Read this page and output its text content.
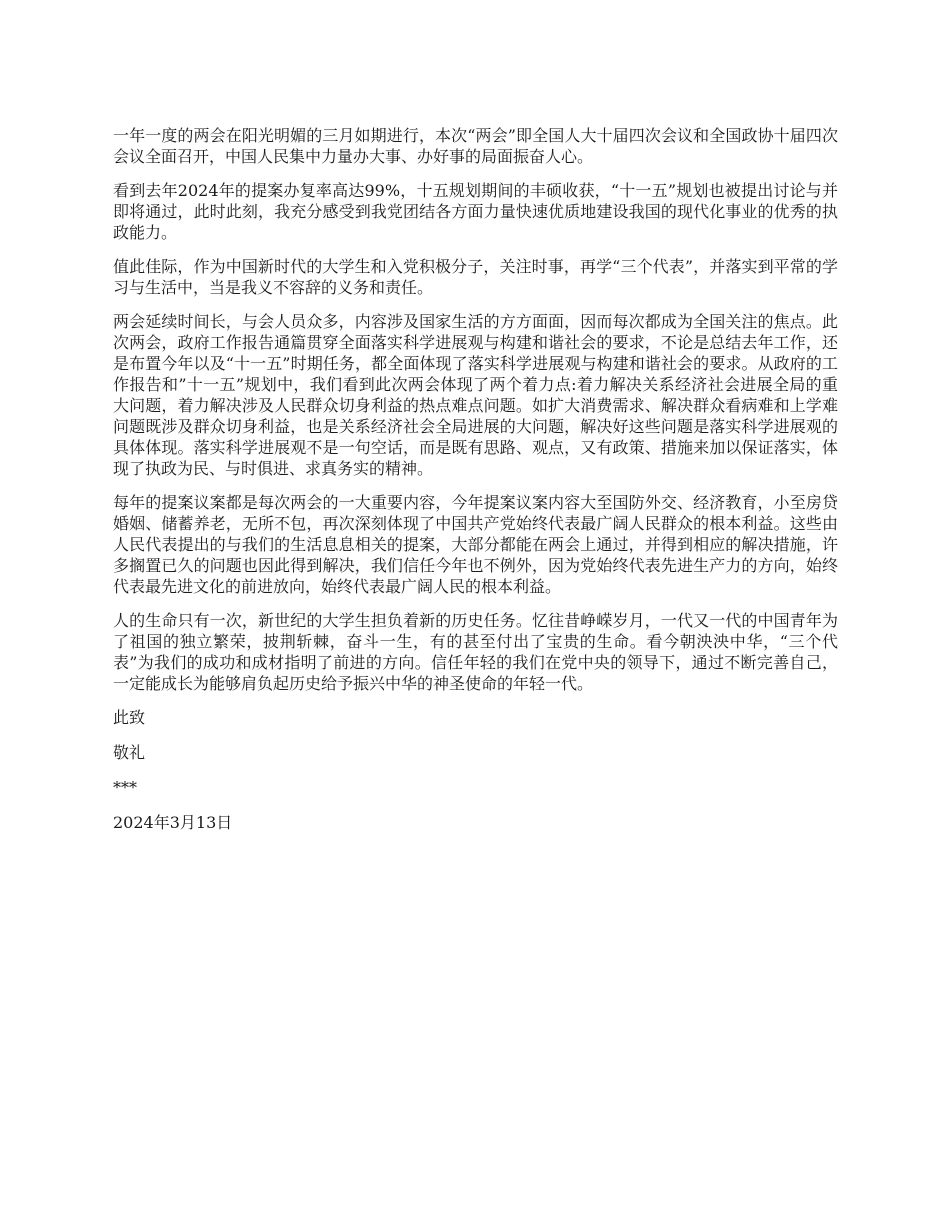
一年一度的两会在阳光明媚的三月如期进行，本次“两会”即全国人大十届四次会议和全国政协十届四次会议全面召开，中国人民集中力量办大事、办好事的局面振奋人心。

看到去年2024年的提案办复率高达99%，十五规划期间的丰硕收获，“十一五”规划也被提出讨论与并即将通过，此时此刻，我充分感受到我党团结各方面力量快速优质地建设我国的现代化事业的优秀的执政能力。

值此佳际，作为中国新时代的大学生和入党积极分子，关注时事，再学“三个代表”，并落实到平常的学习与生活中，当是我义不容辞的义务和责任。

两会延续时间长，与会人员众多，内容涉及国家生活的方方面面，因而每次都成为全国关注的焦点。此次两会，政府工作报告通篇贯穿全面落实科学进展观与构建和谐社会的要求，不论是总结去年工作，还是布置今年以及“十一五”时期任务，都全面体现了落实科学进展观与构建和谐社会的要求。从政府的工作报告和”十一五”规划中，我们看到此次两会体现了两个着力点:着力解决关系经济社会进展全局的重大问题，着力解决涉及人民群众切身利益的热点难点问题。如扩大消费需求、解决群众看病难和上学难问题既涉及群众切身利益，也是关系经济社会全局进展的大问题，解决好这些问题是落实科学进展观的具体体现。落实科学进展观不是一句空话，而是既有思路、观点，又有政策、措施来加以保证落实，体现了执政为民、与时俱进、求真务实的精神。

每年的提案议案都是每次两会的一大重要内容，今年提案议案内容大至国防外交、经济教育，小至房贷婚姻、储蓄养老，无所不包，再次深刻体现了中国共产党始终代表最广阔人民群众的根本利益。这些由人民代表提出的与我们的生活息息相关的提案，大部分都能在两会上通过，并得到相应的解决措施，许多搁置已久的问题也因此得到解决，我们信任今年也不例外，因为党始终代表先进生产力的方向，始终代表最先进文化的前进放向，始终代表最广阔人民的根本利益。

人的生命只有一次，新世纪的大学生担负着新的历史任务。忆往昔峥嵘岁月，一代又一代的中国青年为了祖国的独立繁荣，披荆斩棘，奋斗一生，有的甚至付出了宝贵的生命。看今朝泱泱中华，“三个代表”为我们的成功和成材指明了前进的方向。信任年轻的我们在党中央的领导下，通过不断完善自己，一定能成长为能够肩负起历史给予振兴中华的神圣使命的年轻一代。

此致

敬礼

***

2024年3月13日
